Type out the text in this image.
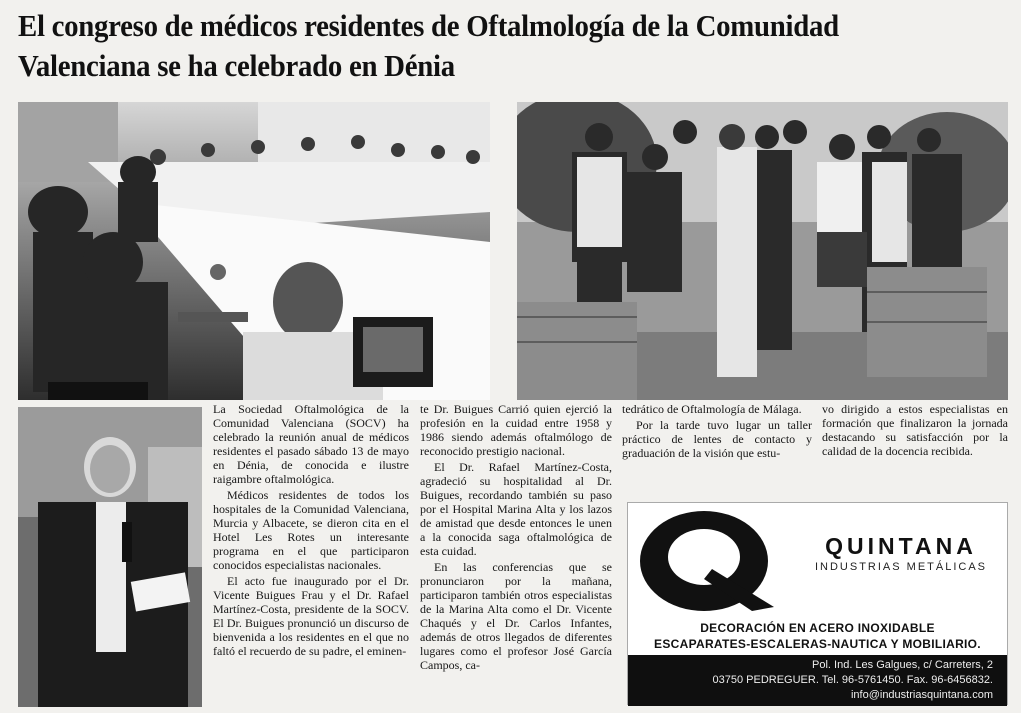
El congreso de médicos residentes de Oftalmología de la Comunidad Valenciana se ha celebrado en Dénia

La Sociedad Oftalmológica de la Comunidad Valenciana (SOCV) ha celebrado la reunión anual de médicos residentes el pasado sábado 13 de mayo en Dénia, de conocida e ilustre raigambre oftalmológica.

Médicos residentes de todos los hospitales de la Comunidad Valenciana, Murcia y Albacete, se dieron cita en el Hotel Les Rotes un interesante programa en el que participaron conocidos especialistas nacionales.

El acto fue inaugurado por el Dr. Vicente Buigues Frau y el Dr. Rafael Martínez-Costa, presidente de la SOCV. El Dr. Buigues pronunció un discurso de bienvenida a los residentes en el que no faltó el recuerdo de su padre, el eminen-

te Dr. Buigues Carrió quien ejerció la profesión en la cuidad entre 1958 y 1986 siendo además oftalmólogo de reconocido prestigio nacional.

El Dr. Rafael Martínez-Costa, agradeció su hospitalidad al Dr. Buigues, recordando también su paso por el Hospital Marina Alta y los lazos de amistad que desde entonces le unen a la conocida saga oftalmológica de esta cuidad.

En las conferencias que se pronunciaron por la mañana, participaron también otros especialistas de la Marina Alta como el Dr. Vicente Chaqués y el Dr. Carlos Infantes, además de otros llegados de diferentes lugares como el profesor José García Campos, ca-

tedrático de Oftalmología de Málaga.

Por la tarde tuvo lugar un taller práctico de lentes de contacto y graduación de la visión que estu-

vo dirigido a estos especialistas en formación que finalizaron la jornada destacando su satisfacción por la calidad de la docencia recibida.

QUINTANA
INDUSTRIAS METÁLICAS
DECORACIÓN EN ACERO INOXIDABLE
ESCAPARATES-ESCALERAS-NAUTICA Y MOBILIARIO.
Pol. Ind. Les Galgues, c/ Carreters, 2
03750 PEDREGUER. Tel. 96-5761450. Fax. 96-6456832.
info@industriasquintana.com
